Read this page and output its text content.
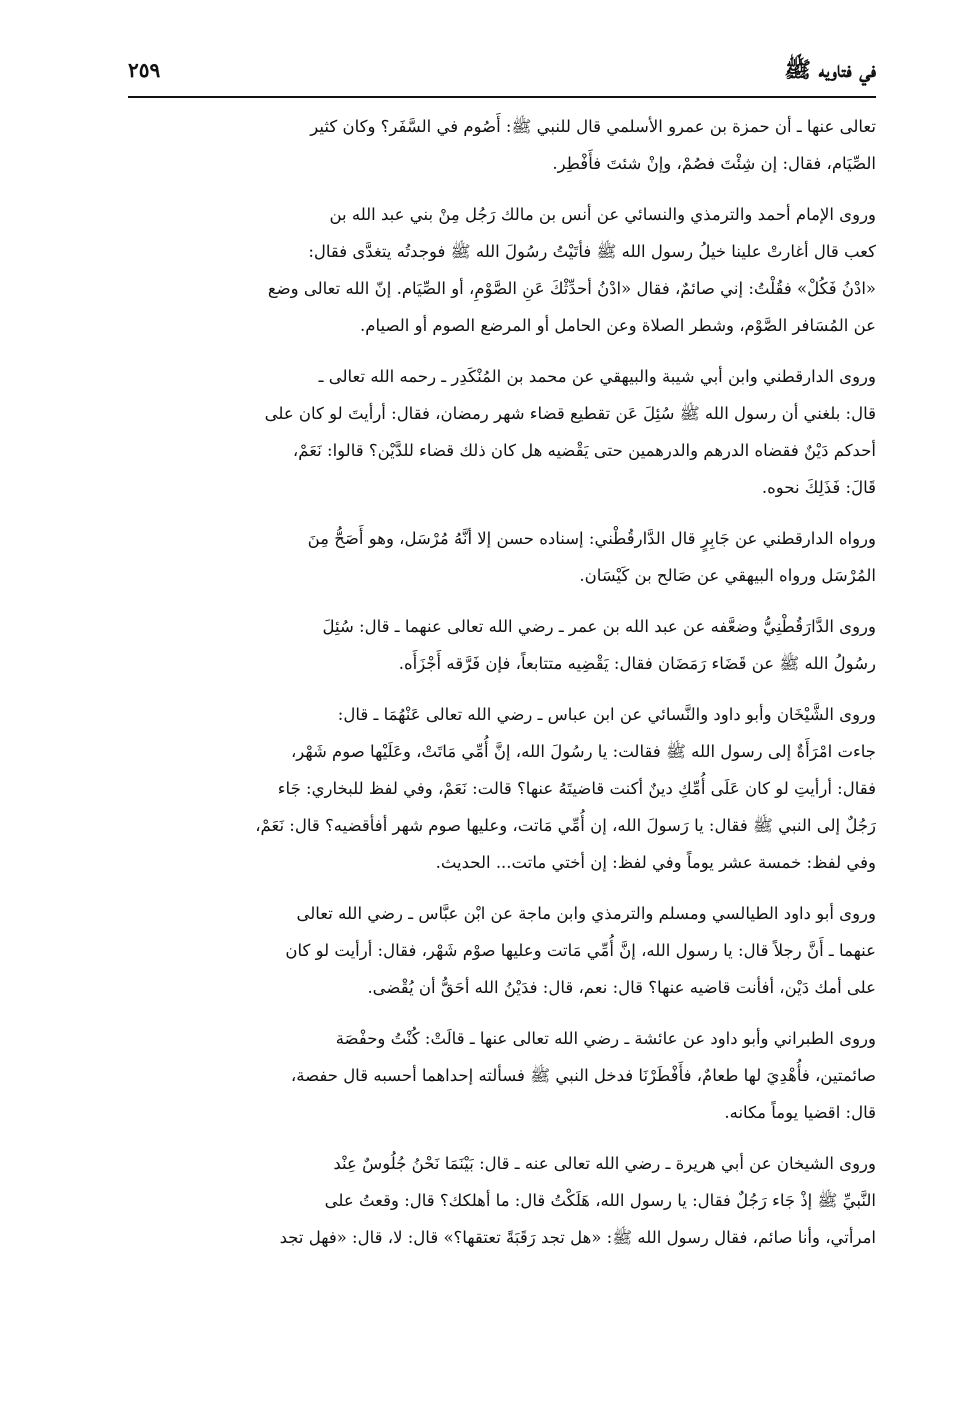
في فتاويه ﷺ
٢٥٩

تعالى عنها ـ أن حمزة بن عمرو الأسلمي قال للنبي ﷺ: أَصُوم في السَّفَر؟ وكان كثير
الصِّيَام، فقال: إن شِئْتَ فصُمْ، وإنْ شئتَ فأَفْطِر.

وروى الإمام أحمد والترمذي والنسائي عن أنس بن مالك رَجُل مِنْ بني عبد الله بن
كعب قال أغارتْ علينا خيلُ رسول الله ﷺ فأتَيْتُ رسُولَ الله ﷺ فوجدتُه يتغدَّى فقال:
«ادْنُ فَكُلْ» فقُلْتُ: إني صائمٌ، فقال «ادْنُ أحدِّثْكَ عَنِ الصَّوْمِ، أو الصِّيَام. إنّ الله تعالى وضع
عن المُسَافر الصَّوْم، وشطر الصلاة وعن الحامل أو المرضع الصوم أو الصيام.

وروى الدارقطني وابن أبي شيبة والبيهقي عن محمد بن المُنْكَدِر ـ رحمه الله تعالى ـ
قال: بلغني أن رسول الله ﷺ سُئِلَ عَن تقطيع قضاء شهر رمضان، فقال: أرأيتَ لو كان على
أحدكم دَيْنٌ فقضاه الدرهم والدرهمين حتى يَقْضيه هل كان ذلك قضاء للدَّيْن؟ قالوا: نَعَمْ،
قَالَ: فَذَلِكَ نحوه.

ورواه الدارقطني عن جَابِرٍ قال الدَّارقُطْني: إسناده حسن إلا أنَّهُ مُرْسَل، وهو أَصَحُّ مِنَ
المُرْسَل ورواه البيهقي عن صَالح بن كَيْسَان.

وروى الدَّارَقُطْنِيُّ وضعَّفه عن عبد الله بن عمر ـ رضي الله تعالى عنهما ـ قال: سُئِلَ
رسُولُ الله ﷺ عن قَضَاء رَمَضَان فقال: يَقْضِيه متتابعاً، فإن فَرَّقه أَجْزَأَه.

وروى الشَّيْخَان وأبو داود والنَّسائي عن ابن عباس ـ رضي الله تعالى عَنْهُمَا ـ قال:
جاءت امْرَأَةٌ إلى رسول الله ﷺ فقالت: يا رسُولَ الله، إنَّ أُمِّي مَاتَتْ، وعَلَيْها صوم شَهْر،
فقال: أرأيتِ لو كان عَلَى أُمِّكِ دينٌ أكنت قاضيتَهُ عنها؟ قالت: نَعَمْ، وفي لفظ للبخاري: جَاء
رَجُلٌ إلى النبي ﷺ فقال: يا رَسولَ الله، إن أُمِّي مَاتت، وعليها صوم شهر أفأقضيه؟ قال: نَعَمْ،
وفي لفظ: خمسة عشر يوماً وفي لفظ: إن أختي ماتت... الحديث.

وروى أبو داود الطيالسي ومسلم والترمذي وابن ماجة عن ابْن عبَّاس ـ رضي الله تعالى
عنهما ـ أَنَّ رجلاً قال: يا رسول الله، إنَّ أُمِّي مَاتت وعليها صوْم شَهْر، فقال: أرأيت لو كان
على أمك دَيْن، أفأنت قاضيه عنها؟ قال: نعم، قال: فدَيْنُ الله أحَقُّ أن يُقْضى.

وروى الطبراني وأبو داود عن عائشة ـ رضي الله تعالى عنها ـ قالَتْ: كُنْتُ وحفْصَة
صائمتين، فأُهْدِيَ لها طعامٌ، فأَفْطَرْنَا فدخل النبي ﷺ فسألته إحداهما أحسبه قال حفصة،
قال: اقضيا يوماً مكانه.

وروى الشيخان عن أبي هريرة ـ رضي الله تعالى عنه ـ قال: بَيْنَمَا نَحْنُ جُلُوسٌ عِنْد
النَّبيِّ ﷺ إذْ جَاء رَجُلٌ فقال: يا رسول الله، هَلَكْتُ قال: ما أهلكك؟ قال: وقعتُ على
امرأتي، وأنا صائم، فقال رسول الله ﷺ: «هل تجد رَقَبَةً تعتقها؟» قال: لا، قال: «فهل تجد
